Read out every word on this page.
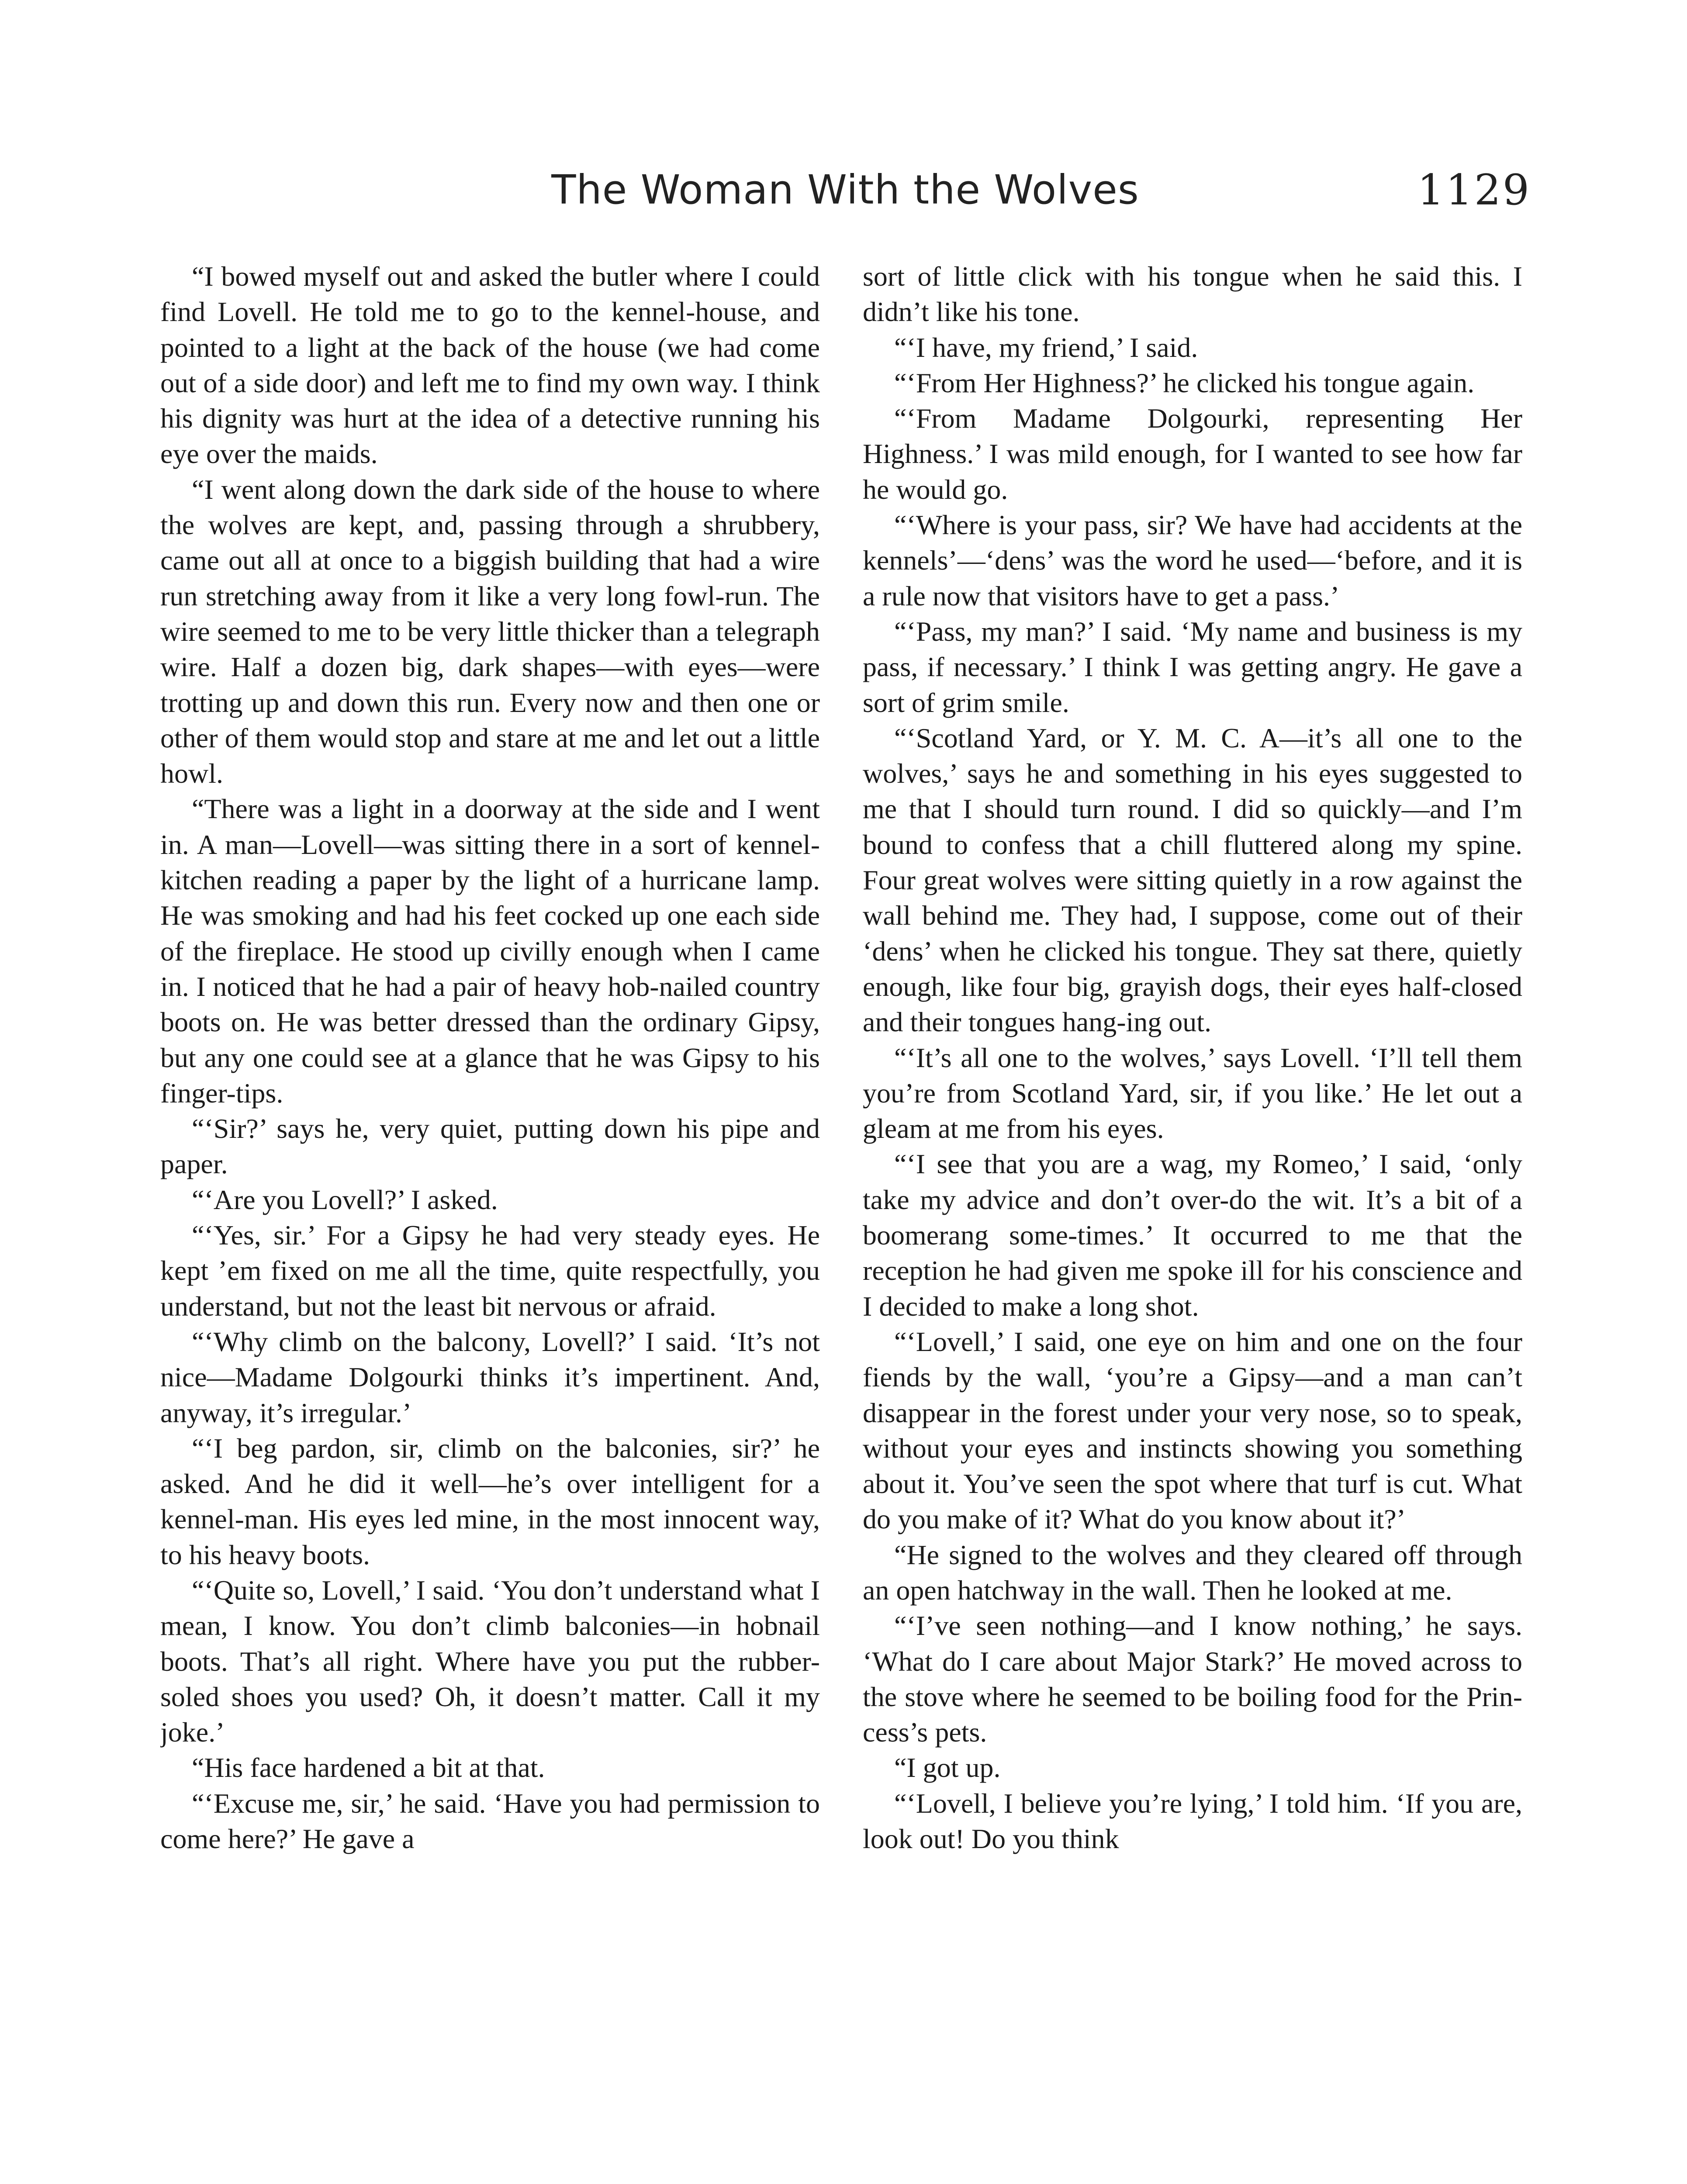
The Woman With the Wolves	1129

“I bowed myself out and asked the butler where I could find Lovell. He told me to go to the kennel-house, and pointed to a light at the back of the house (we had come out of a side door) and left me to find my own way. I think his dignity was hurt at the idea of a detective running his eye over the maids.

“I went along down the dark side of the house to where the wolves are kept, and, passing through a shrubbery, came out all at once to a biggish building that had a wire run stretching away from it like a very long fowl-run. The wire seemed to me to be very little thicker than a telegraph wire. Half a dozen big, dark shapes—with eyes—were trotting up and down this run. Every now and then one or other of them would stop and stare at me and let out a little howl.

“There was a light in a doorway at the side and I went in. A man—Lovell—was sitting there in a sort of kennel-kitchen reading a paper by the light of a hurricane lamp. He was smoking and had his feet cocked up one each side of the fireplace. He stood up civilly enough when I came in. I noticed that he had a pair of heavy hob-nailed country boots on. He was better dressed than the ordinary Gipsy, but any one could see at a glance that he was Gipsy to his finger-tips.

“‘Sir?’ says he, very quiet, putting down his pipe and paper.

“‘Are you Lovell?’ I asked.

“‘Yes, sir.’ For a Gipsy he had very steady eyes. He kept ’em fixed on me all the time, quite respectfully, you understand, but not the least bit nervous or afraid.

“‘Why climb on the balcony, Lovell?’ I said. ‘It’s not nice—Madame Dolgourki thinks it’s impertinent. And, anyway, it’s irregular.’

“‘I beg pardon, sir, climb on the balconies, sir?’ he asked. And he did it well—he’s over intelligent for a kennel-man. His eyes led mine, in the most innocent way, to his heavy boots.

“‘Quite so, Lovell,’ I said. ‘You don’t understand what I mean, I know. You don’t climb balconies—in hobnail boots. That’s all right. Where have you put the rubber-soled shoes you used? Oh, it doesn’t matter. Call it my joke.’

“His face hardened a bit at that.

“‘Excuse me, sir,’ he said. ‘Have you had permission to come here?’ He gave a

sort of little click with his tongue when he said this. I didn’t like his tone.

“‘I have, my friend,’ I said.

“‘From Her Highness?’ he clicked his tongue again.

“‘From Madame Dolgourki, representing Her Highness.’ I was mild enough, for I wanted to see how far he would go.

“‘Where is your pass, sir? We have had accidents at the kennels’—‘dens’ was the word he used—‘before, and it is a rule now that visitors have to get a pass.’

“‘Pass, my man?’ I said. ‘My name and business is my pass, if necessary.’ I think I was getting angry. He gave a sort of grim smile.

“‘Scotland Yard, or Y. M. C. A—it’s all one to the wolves,’ says he and something in his eyes suggested to me that I should turn round. I did so quickly—and I’m bound to confess that a chill fluttered along my spine. Four great wolves were sitting quietly in a row against the wall behind me. They had, I suppose, come out of their ‘dens’ when he clicked his tongue. They sat there, quietly enough, like four big, grayish dogs, their eyes half-closed and their tongues hang-ing out.

“‘It’s all one to the wolves,’ says Lovell. ‘I’ll tell them you’re from Scotland Yard, sir, if you like.’ He let out a gleam at me from his eyes.

“‘I see that you are a wag, my Romeo,’ I said, ‘only take my advice and don’t over-do the wit. It’s a bit of a boomerang some-times.’ It occurred to me that the reception he had given me spoke ill for his conscience and I decided to make a long shot.

“‘Lovell,’ I said, one eye on him and one on the four fiends by the wall, ‘you’re a Gipsy—and a man can’t disappear in the forest under your very nose, so to speak, without your eyes and instincts showing you something about it. You’ve seen the spot where that turf is cut. What do you make of it? What do you know about it?’

“He signed to the wolves and they cleared off through an open hatchway in the wall. Then he looked at me.

“‘I’ve seen nothing—and I know nothing,’ he says. ‘What do I care about Major Stark?’ He moved across to the stove where he seemed to be boiling food for the Prin-cess’s pets.

“I got up.

“‘Lovell, I believe you’re lying,’ I told him. ‘If you are, look out! Do you think
